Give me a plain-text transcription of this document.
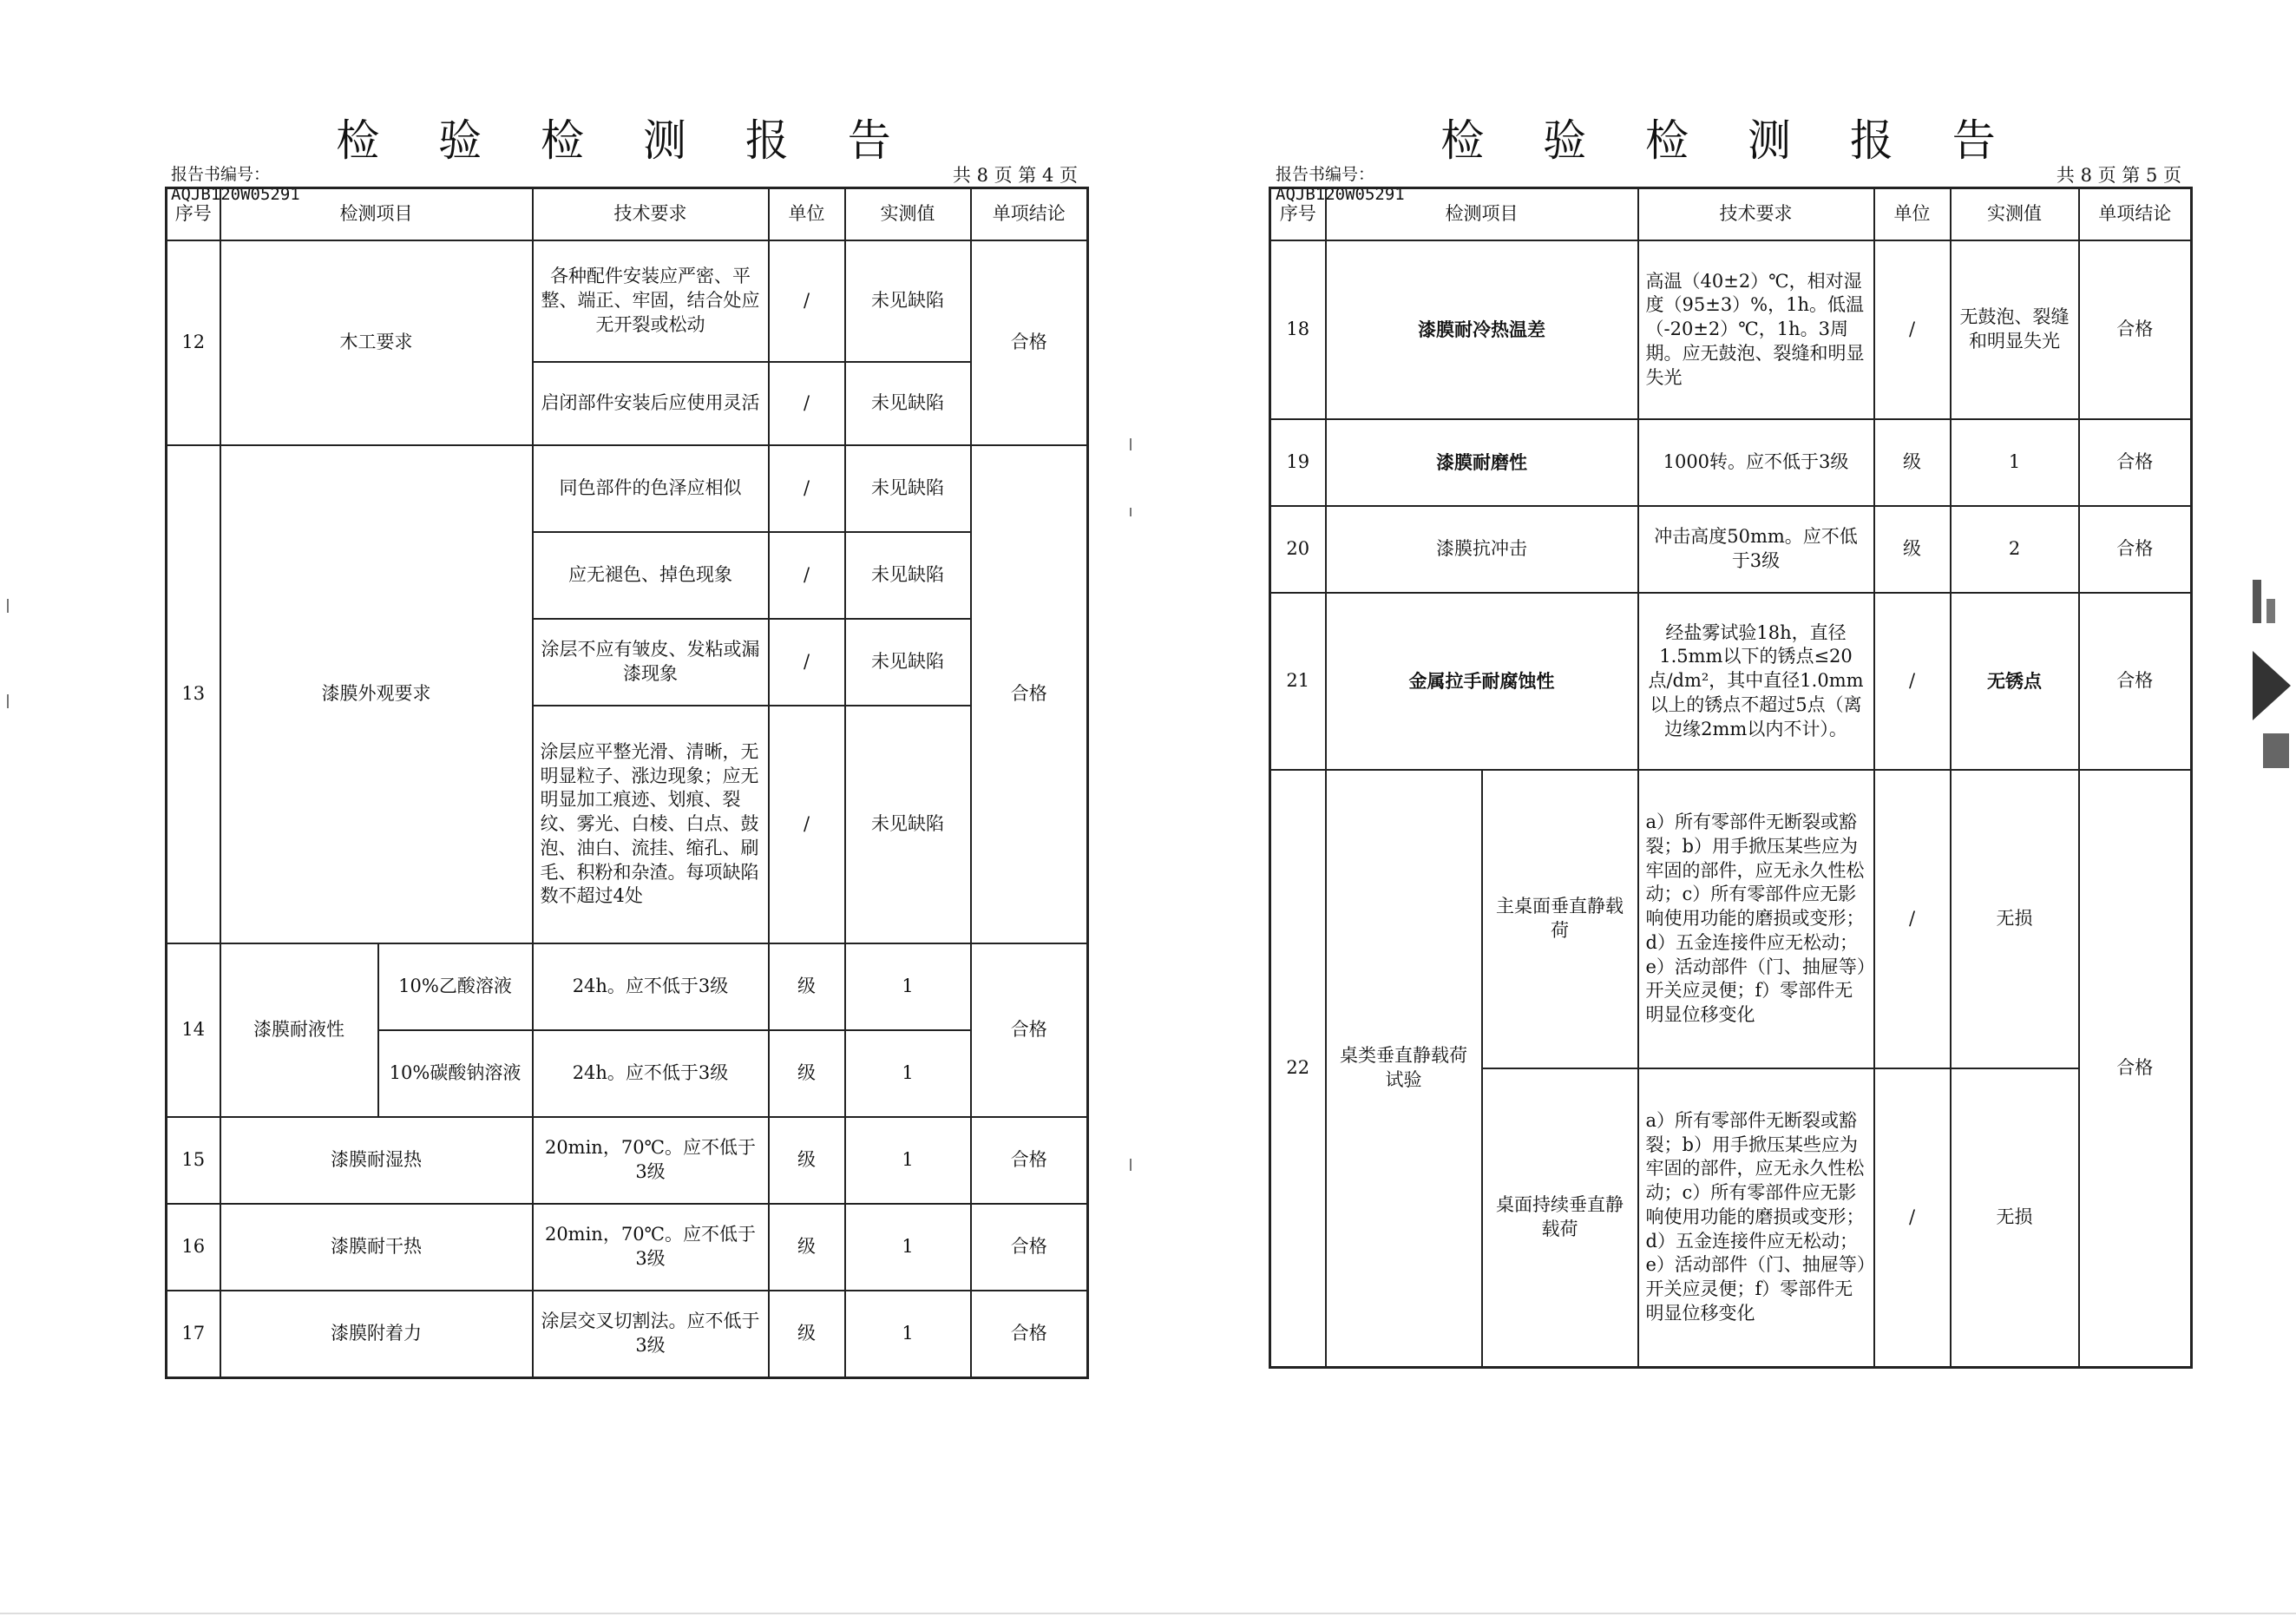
检 验 检 测 报 告
报告书编号：AQJB120W05291
共 8 页 第 4 页
序号	检测项目		技术要求	单位	实测值	单项结论
12	木工要求		各种配件安装应严密、平整、端正、牢固，结合处应无开裂或松动	/	未见缺陷	合格
			启闭部件安装后应使用灵活	/	未见缺陷	
13	漆膜外观要求		同色部件的色泽应相似	/	未见缺陷	合格
			应无褪色、掉色现象	/	未见缺陷	
			涂层不应有皱皮、发粘或漏漆现象	/	未见缺陷	
			涂层应平整光滑、清晰，无明显粒子、涨边现象；应无明显加工痕迹、划痕、裂纹、雾光、白棱、白点、鼓泡、油白、流挂、缩孔、刷毛、积粉和杂渣。每项缺陷数不超过4处	/	未见缺陷	
14	漆膜耐液性	10%乙酸溶液	24h。应不低于3级	级	1	合格
		10%碳酸钠溶液	24h。应不低于3级	级	1	
15	漆膜耐湿热		20min，70℃。应不低于3级	级	1	合格
16	漆膜耐干热		20min，70℃。应不低于3级	级	1	合格
17	漆膜附着力		涂层交叉切割法。应不低于3级	级	1	合格
检 验 检 测 报 告
报告书编号：AQJB120W05291
共 8 页 第 5 页
序号	检测项目		技术要求	单位	实测值	单项结论
18	漆膜耐冷热温差		高温（40±2）℃，相对湿度（95±3）%，1h。低温（-20±2）℃，1h。3周期。应无鼓泡、裂缝和明显失光	/	无鼓泡、裂缝和明显失光	合格
19	漆膜耐磨性		1000转。应不低于3级	级	1	合格
20	漆膜抗冲击		冲击高度50mm。应不低于3级	级	2	合格
21	金属拉手耐腐蚀性		经盐雾试验18h，直径1.5mm以下的锈点≤20点/dm²，其中直径1.0mm以上的锈点不超过5点（离边缘2mm以内不计）。	/	无锈点	合格
22	桌类垂直静载荷试验	主桌面垂直静载荷	a）所有零部件无断裂或豁裂；b）用手掀压某些应为牢固的部件，应无永久性松动；c）所有零部件应无影响使用功能的磨损或变形；d）五金连接件应无松动；e）活动部件（门、抽屉等）开关应灵便；f）零部件无明显位移变化	/	无损	合格
		桌面持续垂直静载荷	a）所有零部件无断裂或豁裂；b）用手掀压某些应为牢固的部件，应无永久性松动；c）所有零部件应无影响使用功能的磨损或变形；d）五金连接件应无松动；e）活动部件（门、抽屉等）开关应灵便；f）零部件无明显位移变化	/	无损	
